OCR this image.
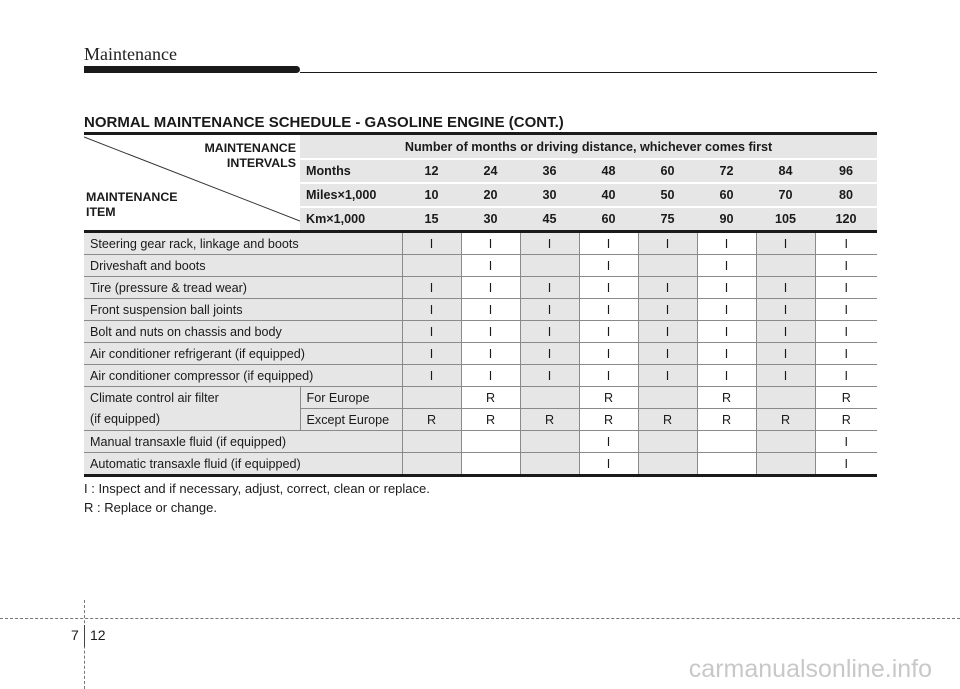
Maintenance
NORMAL MAINTENANCE SCHEDULE - GASOLINE ENGINE (CONT.)
MAINTENANCE
INTERVALS
MAINTENANCE
ITEM	Number of months or driving distance, whichever comes first								
	Months	12	24	36	48	60	72	84	96
	Miles×1,000	10	20	30	40	50	60	70	80
	Km×1,000	15	30	45	60	75	90	105	120
Steering gear rack, linkage and boots		I	I	I	I	I	I	I	I
Driveshaft and boots			I		I		I		I
Tire (pressure & tread wear)		I	I	I	I	I	I	I	I
Front suspension ball joints		I	I	I	I	I	I	I	I
Bolt and nuts on chassis and body		I	I	I	I	I	I	I	I
Air conditioner refrigerant (if equipped)		I	I	I	I	I	I	I	I
Air conditioner compressor (if equipped)		I	I	I	I	I	I	I	I
Climate control air filter	For Europe		R		R		R		R
(if equipped)	Except Europe	R	R	R	R	R	R	R	R
Manual transaxle fluid (if equipped)					I				I
Automatic transaxle fluid (if equipped)					I				I
I : Inspect and if necessary, adjust, correct, clean or replace.
R : Replace or change.
7 12
carmanualsonline.info
